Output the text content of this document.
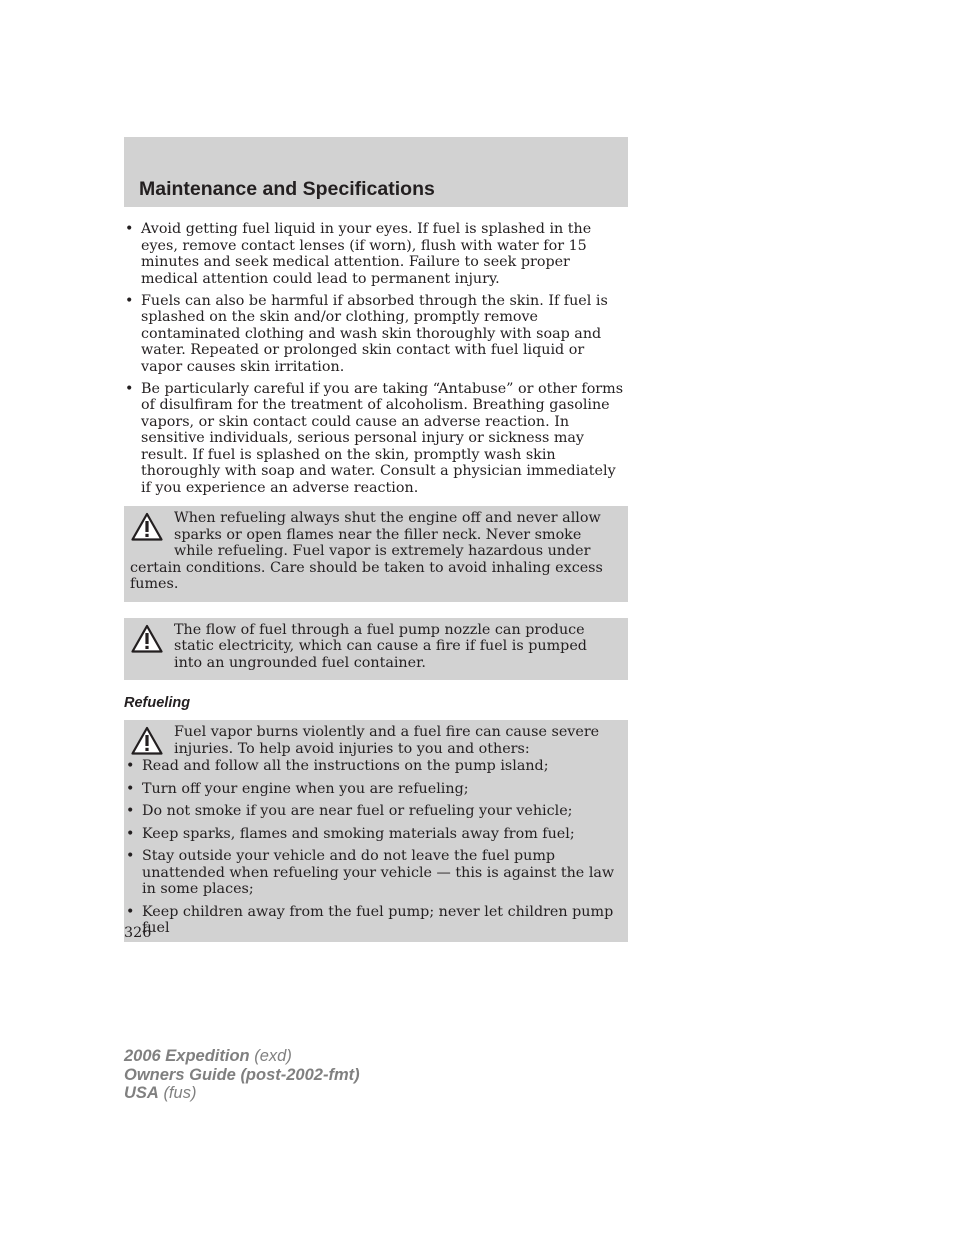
Maintenance and Specifications
• Avoid getting fuel liquid in your eyes. If fuel is splashed in the eyes, remove contact lenses (if worn), flush with water for 15 minutes and seek medical attention. Failure to seek proper medical attention could lead to permanent injury.
• Fuels can also be harmful if absorbed through the skin. If fuel is splashed on the skin and/or clothing, promptly remove contaminated clothing and wash skin thoroughly with soap and water. Repeated or prolonged skin contact with fuel liquid or vapor causes skin irritation.
• Be particularly careful if you are taking “Antabuse” or other forms of disulfiram for the treatment of alcoholism. Breathing gasoline vapors, or skin contact could cause an adverse reaction. In sensitive individuals, serious personal injury or sickness may result. If fuel is splashed on the skin, promptly wash skin thoroughly with soap and water. Consult a physician immediately if you experience an adverse reaction.
When refueling always shut the engine off and never allow sparks or open flames near the filler neck. Never smoke while refueling. Fuel vapor is extremely hazardous under certain conditions. Care should be taken to avoid inhaling excess fumes.
The flow of fuel through a fuel pump nozzle can produce static electricity, which can cause a fire if fuel is pumped into an ungrounded fuel container.
Refueling
Fuel vapor burns violently and a fuel fire can cause severe injuries. To help avoid injuries to you and others:
• Read and follow all the instructions on the pump island;
• Turn off your engine when you are refueling;
• Do not smoke if you are near fuel or refueling your vehicle;
• Keep sparks, flames and smoking materials away from fuel;
• Stay outside your vehicle and do not leave the fuel pump unattended when refueling your vehicle — this is against the law in some places;
• Keep children away from the fuel pump; never let children pump fuel
326
2006 Expedition (exd)
Owners Guide (post-2002-fmt)
USA (fus)
